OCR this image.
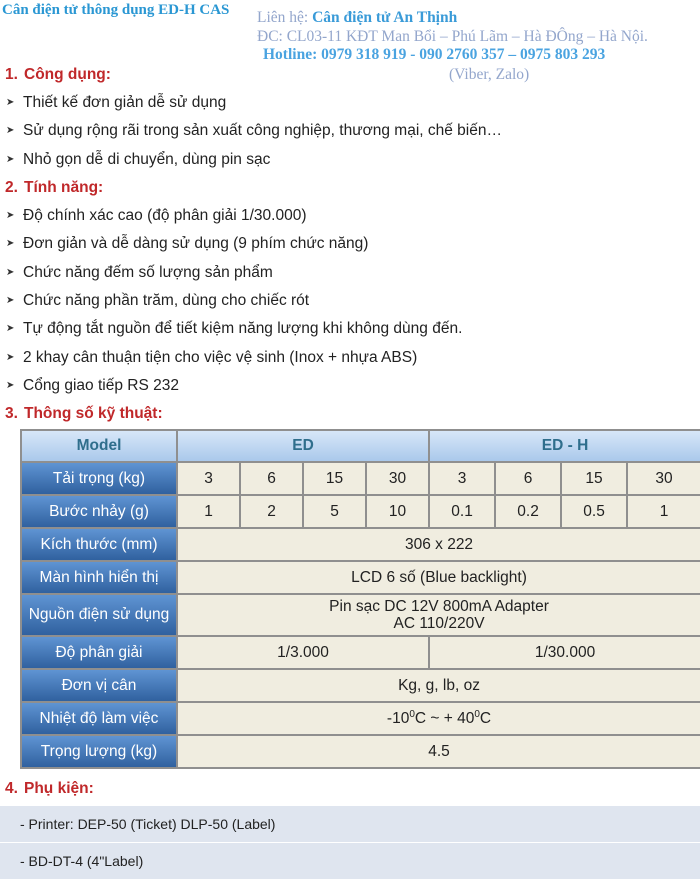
Cân điện tử thông dụng ED-H CAS Liên hệ: Cân điện tử An Thịnh
ĐC: CL03-11 KĐT Man Bổi – Phú Lãm – Hà ĐÔng – Hà Nội.
Hotline: 0979 318 919 - 090 2760 357 – 0975 803 293
(Viber, Zalo)
1. Công dụng:
➤ Thiết kế đơn giản dễ sử dụng
➤ Sử dụng rộng rãi trong sản xuất công nghiệp, thương mại, chế biến…
➤ Nhỏ gọn dễ di chuyển, dùng pin sạc
2. Tính năng:
➤ Độ chính xác cao (độ phân giải 1/30.000)
➤ Đơn giản và dễ dàng sử dụng (9 phím chức năng)
➤ Chức năng đếm số lượng sản phẩm
➤ Chức năng phần trăm, dùng cho chiếc rót
➤ Tự động tắt nguồn để tiết kiệm năng lượng khi không dùng đến.
➤ 2 khay cân thuận tiện cho việc vệ sinh (Inox + nhựa ABS)
➤ Cổng giao tiếp RS 232
3. Thông số kỹ thuật:
Model	ED				ED - H			
Tải trọng (kg)	3	6	15	30	3	6	15	30
Bước nhảy (g)	1	2	5	10	0.1	0.2	0.5	1
Kích thước (mm)	306 x 222							
Màn hình hiển thị	LCD 6 số (Blue backlight)							
Nguồn điện sử dụng	Pin sạc DC 12V 800mA Adapter
AC 110/220V							
Độ phân giải	1/3.000				1/30.000			
Đơn vị cân	Kg, g, lb, oz							
Nhiệt độ làm việc	$-10^0C$ ~ + $40^0C$							
Trọng lượng (kg)	4.5							
4. Phụ kiện:
- Printer: DEP-50 (Ticket) DLP-50 (Label)
- BD-DT-4 (4"Label)
